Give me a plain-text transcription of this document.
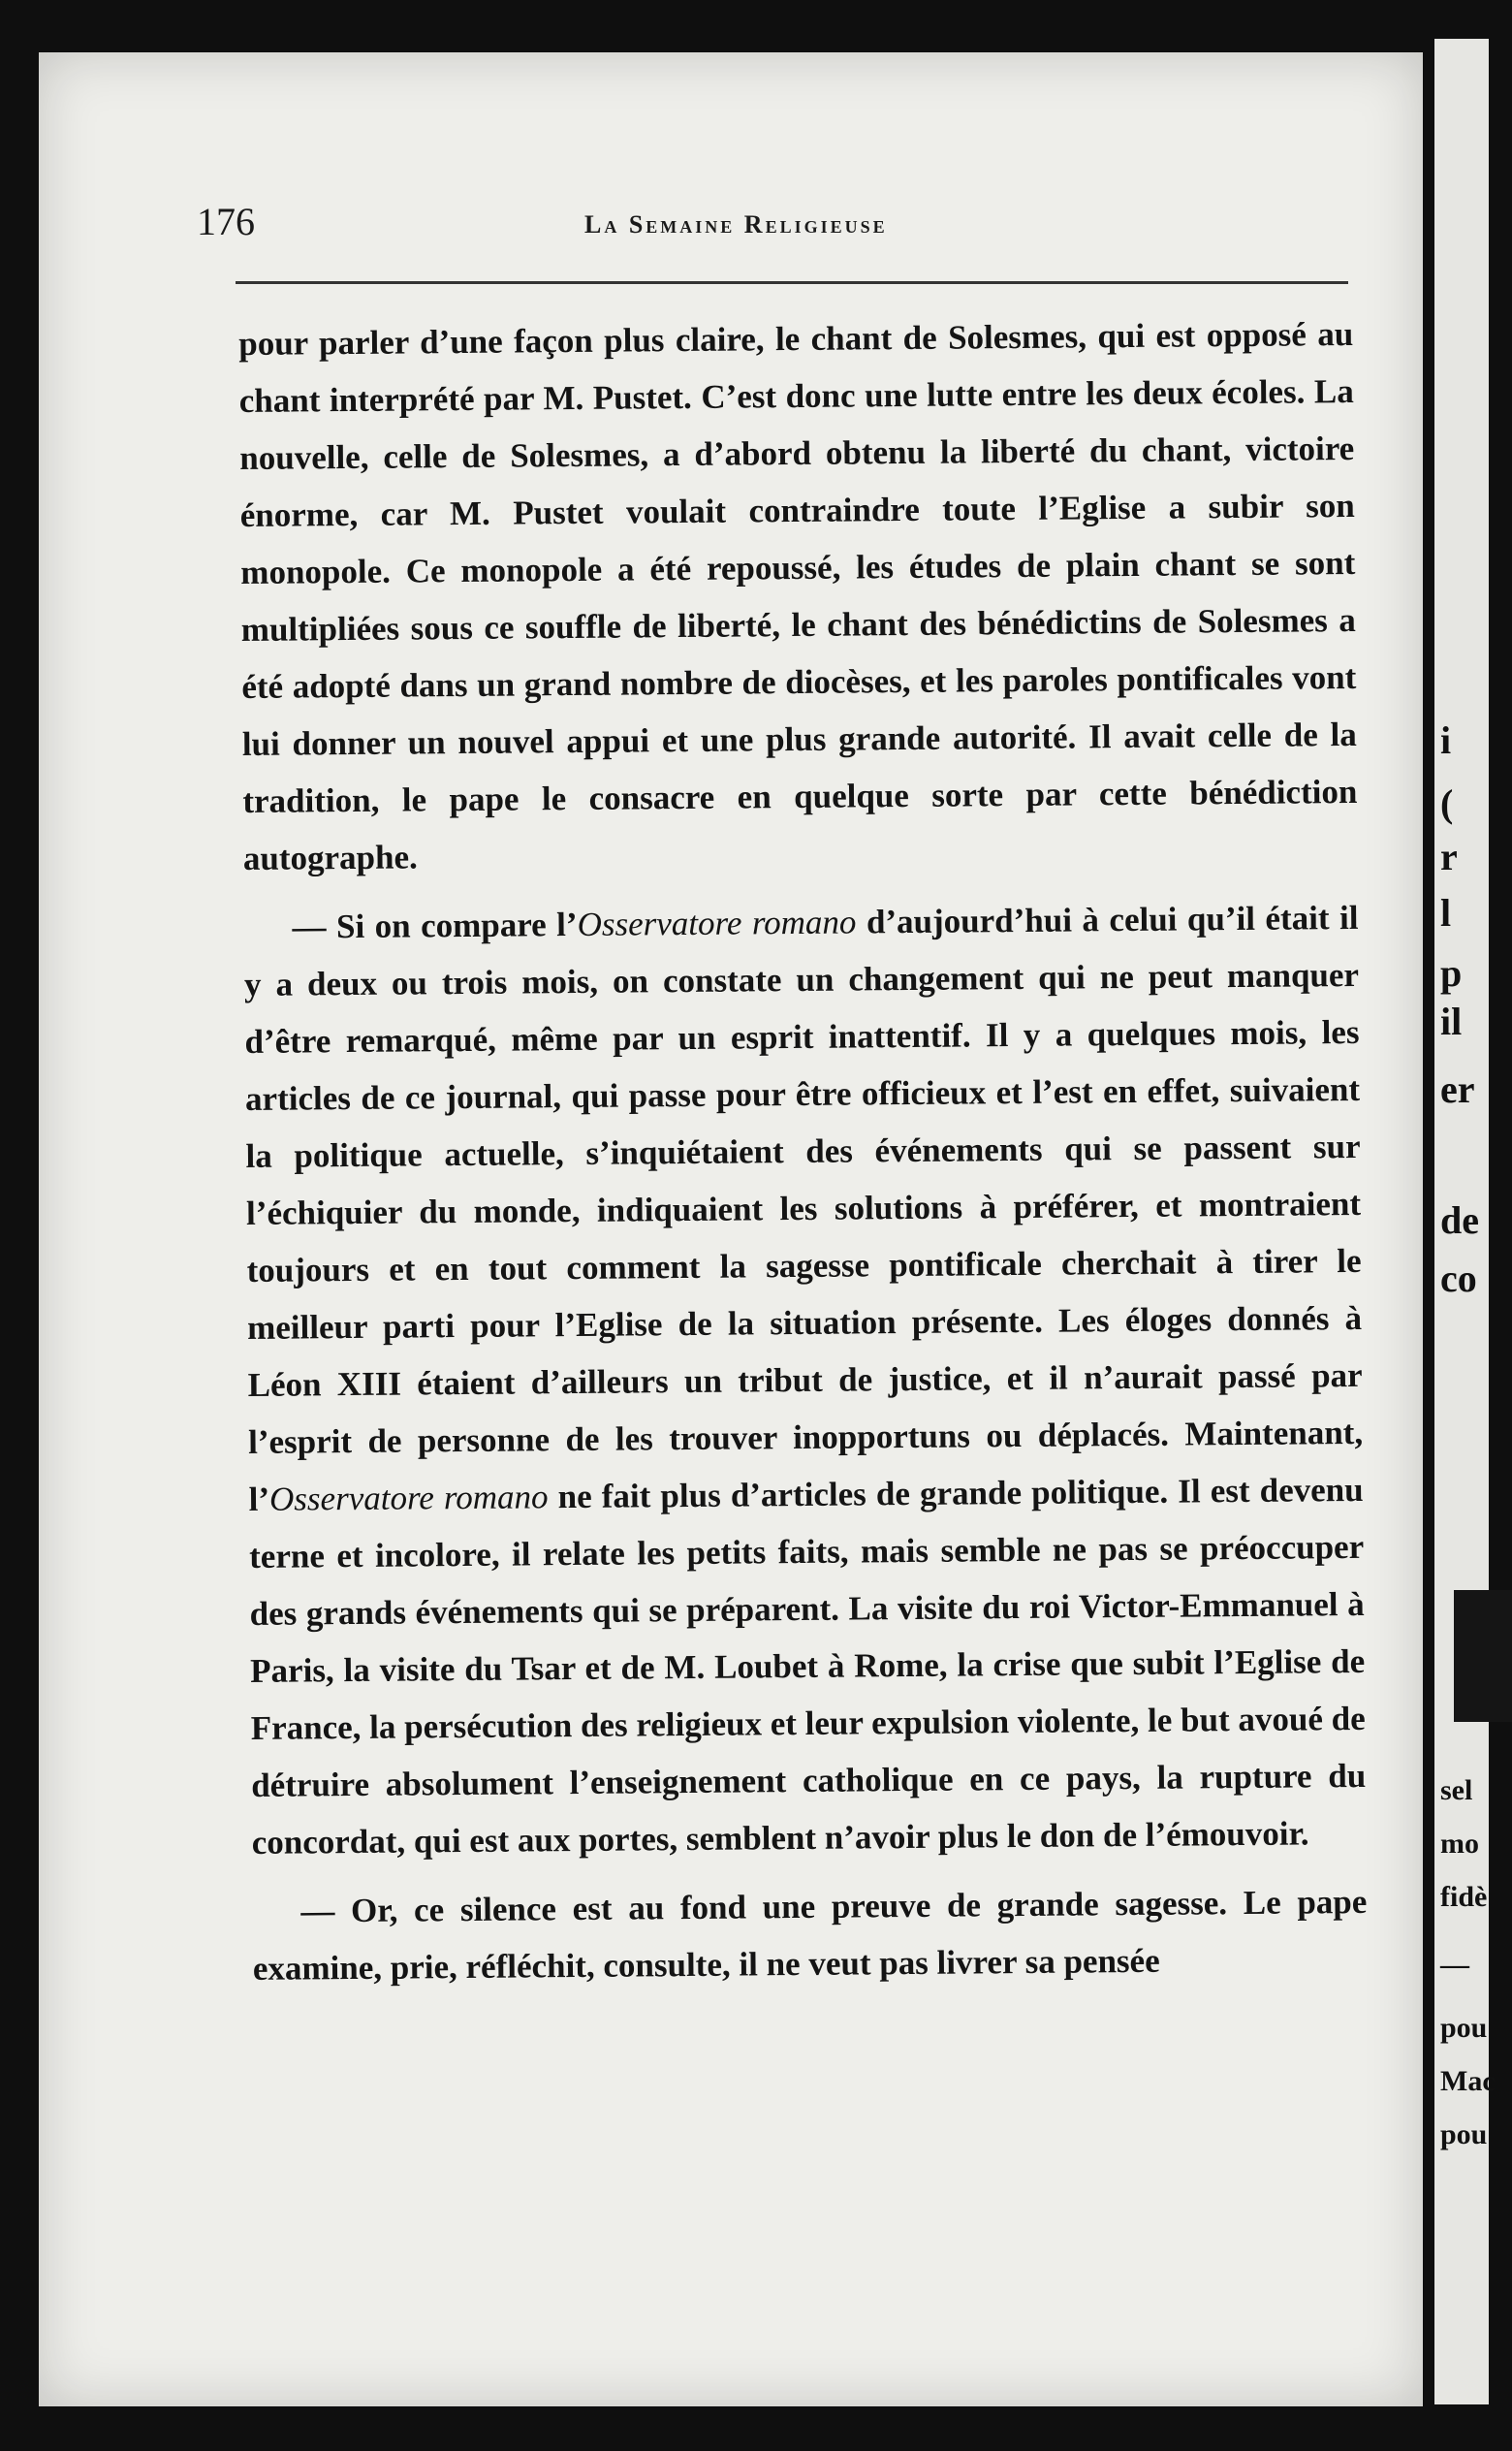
176	La Semaine Religieuse

pour parler d’une façon plus claire, le chant de Solesmes, qui est opposé au chant interprété par M. Pustet. C’est donc une lutte entre les deux écoles. La nouvelle, celle de Solesmes, a d’abord obtenu la liberté du chant, victoire énorme, car M. Pustet voulait contraindre toute l’Eglise a subir son monopole. Ce monopole a été repoussé, les études de plain chant se sont multipliées sous ce souffle de liberté, le chant des bénédictins de Solesmes a été adopté dans un grand nombre de diocèses, et les paroles pontificales vont lui donner un nouvel appui et une plus grande autorité. Il avait celle de la tradition, le pape le consacre en quelque sorte par cette bénédiction autographe.

— Si on compare l’Osservatore romano d’aujourd’hui à celui qu’il était il y a deux ou trois mois, on constate un changement qui ne peut manquer d’être remarqué, même par un esprit inattentif. Il y a quelques mois, les articles de ce journal, qui passe pour être officieux et l’est en effet, suivaient la politique actuelle, s’inquiétaient des événements qui se passent sur l’échiquier du monde, indiquaient les solutions à préférer, et montraient toujours et en tout comment la sagesse pontificale cherchait à tirer le meilleur parti pour l’Eglise de la situation présente. Les éloges donnés à Léon XIII étaient d’ailleurs un tribut de justice, et il n’aurait passé par l’esprit de personne de les trouver inopportuns ou déplacés. Maintenant, l’Osservatore romano ne fait plus d’articles de grande politique. Il est devenu terne et incolore, il relate les petits faits, mais semble ne pas se préoccuper des grands événements qui se préparent. La visite du roi Victor-Emmanuel à Paris, la visite du Tsar et de M. Loubet à Rome, la crise que subit l’Eglise de France, la persécution des religieux et leur expulsion violente, le but avoué de détruire absolument l’enseignement catholique en ce pays, la rupture du concordat, qui est aux portes, semblent n’avoir plus le don de l’émouvoir.

— Or, ce silence est au fond une preuve de grande sagesse. Le pape examine, prie, réfléchit, consulte, il ne veut pas livrer sa pensée

i
(
r
l
p
il
er
de
co
sel
mo
fidè
—
pou
Mac
pou
